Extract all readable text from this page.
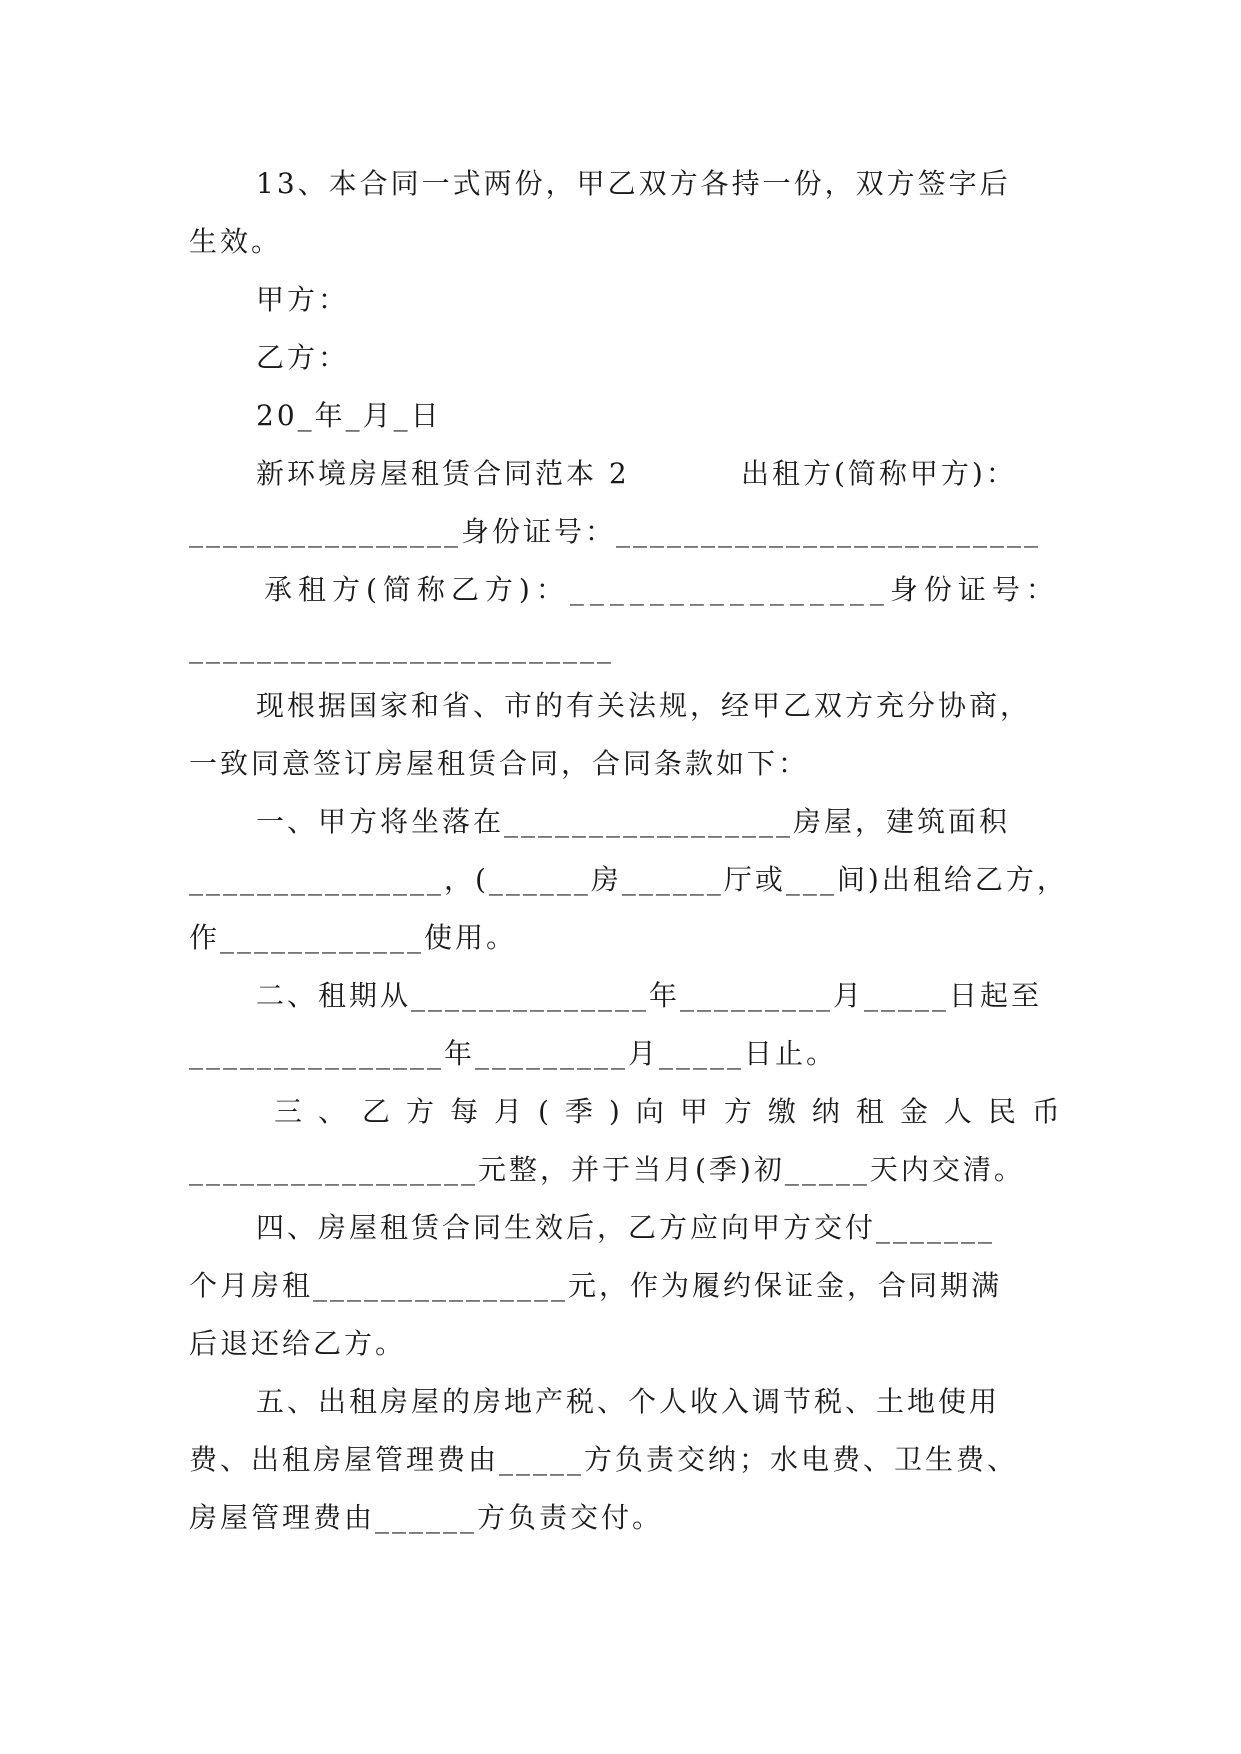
13、本合同一式两份，甲乙双方各持一份，双方签字后
生效。
甲方：
乙方：
20_年_月_日
新环境房屋租赁合同范本 2	出租方(简称甲方)：
________________身份证号：_________________________
承租方(简称乙方)：________________身份证号：
_________________________
现根据国家和省、市的有关法规，经甲乙双方充分协商，
一致同意签订房屋租赁合同，合同条款如下：
一、甲方将坐落在_________________房屋，建筑面积
_______________，(______房______厅或___间)出租给乙方，
作____________使用。
二、租期从______________年_________月_____日起至
_______________年_________月_____日止。
三、乙方每月(季)向甲方缴纳租金人民币
_________________元整，并于当月(季)初_____天内交清。
四、房屋租赁合同生效后，乙方应向甲方交付_______
个月房租_______________元，作为履约保证金，合同期满
后退还给乙方。
五、出租房屋的房地产税、个人收入调节税、土地使用
费、出租房屋管理费由_____方负责交纳；水电费、卫生费、
房屋管理费由______方负责交付。
